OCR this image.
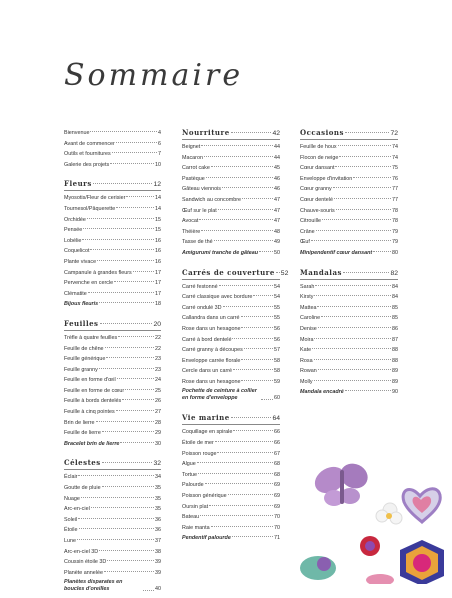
Sommaire
Bienvenue	4
Avant de commencer	6
Outils et fournitures	7
Galerie des projets	10
Fleurs	12
Myosotis/Fleur de cerisier	14
Tournesol/Pâquerette	14
Orchidée	15
Pensée	15
Lobélie	16
Coquelicot	16
Plante vivace	16
Campanule à grandes fleurs	17
Pervenche en cercle	17
Clématite	17
Bijoux fleuris	18
Feuilles	20
Trèfle à quatre feuilles	22
Feuille de chêne	22
Feuille générique	23
Feuille granny	23
Feuille en forme d'œil	24
Feuille en forme de cœur	25
Feuille à bords dentelés	26
Feuille à cinq pointes	27
Brin de lierre	28
Feuille de lierre	29
Bracelet brin de lierre	30
Célestes	32
Éclair	34
Goutte de pluie	35
Nuage	35
Arc-en-ciel	35
Soleil	36
Étoile	36
Lune	37
Arc-en-ciel 3D	38
Coussin étoile 3D	39
Planète annelée	39
Planètes disparates en boucles d'oreilles	40
Nourriture	42
Beignet	44
Macaron	44
Carrot cake	45
Pastèque	46
Gâteau viennois	46
Sandwich au concombre	47
Œuf sur le plat	47
Avocat	47
Théière	48
Tasse de thé	49
Amigurumi tranche de gâteau	50
Carrés de couverture 52
Carré festonné	54
Carré classique avec bordure	54
Carré ondulé 3D	55
Callandra dans un carré	55
Rose dans un hexagone	56
Carré à bord dentelé	56
Carré granny à découpes	57
Enveloppe carrée florale	58
Cercle dans un carré	58
Rose dans un hexagone	59
Pochette de ceinture à collier en forme d'enveloppe	60
Vie marine	64
Coquillage en spirale	66
Étoile de mer	66
Poisson rouge	67
Algue	68
Tortue	68
Palourde	69
Poisson générique	69
Oursin plat	69
Bateau	70
Raie manta	70
Pendentif palourde	71
Occasions	72
Feuille de houx	74
Flocon de neige	74
Cœur dansant	75
Enveloppe d'invitation	76
Cœur granny	77
Cœur dentelé	77
Chauve-souris	78
Citrouille	78
Crâne	79
Œuf	79
Minipendentif cœur dansant	80
Mandalas	82
Sarah	84
Kirsty	84
Mattea	85
Caroline	85
Denise	86
Moira	87
Kate	88
Rosa	88
Rowan	89
Molly	89
Mandala encadré	90
